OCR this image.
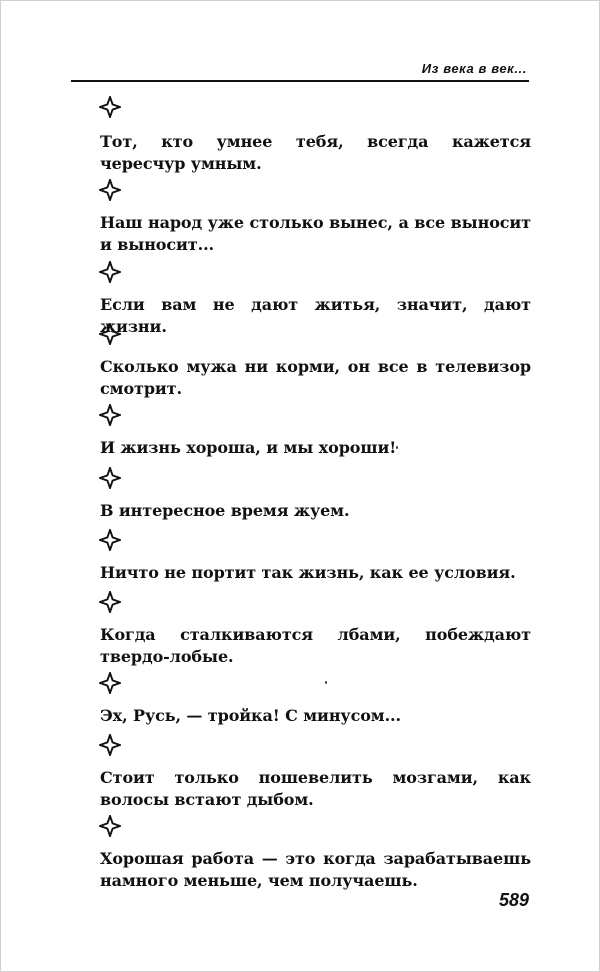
Из века в век...
Тот, кто умнее тебя, всегда кажется чересчур умным.
Наш народ уже столько вынес, а все выносит и выносит...
Если вам не дают житья, значит, дают жизни.
Сколько мужа ни корми, он все в телевизор смотрит.
И жизнь хороша, и мы хороши!
В интересное время жуем.
Ничто не портит так жизнь, как ее условия.
Когда сталкиваются лбами, побеждают твердо-лобые.
Эх, Русь, — тройка! С минусом...
Стоит только пошевелить мозгами, как волосы встают дыбом.
Хорошая работа — это когда зарабатываешь намного меньше, чем получаешь.
589
